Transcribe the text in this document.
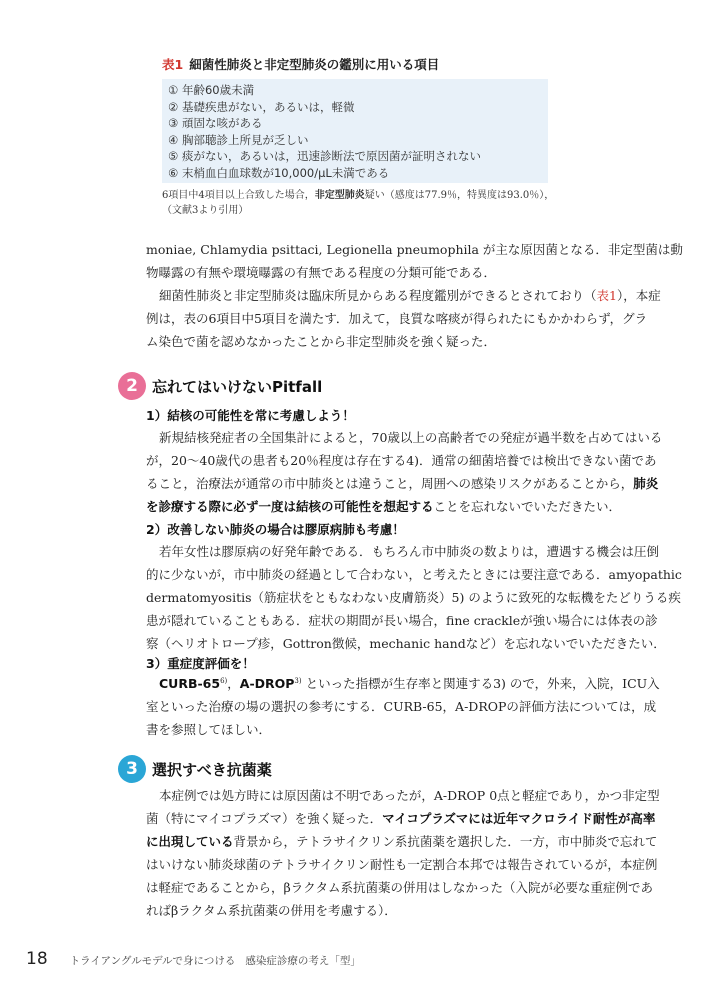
表1 細菌性肺炎と非定型肺炎の鑑別に用いる項目
① 年齢60歳未満
② 基礎疾患がない，あるいは，軽微
③ 頑固な咳がある
④ 胸部聴診上所見が乏しい
⑤ 痰がない，あるいは，迅速診断法で原因菌が証明されない
⑥ 末梢血白血球数が10,000/μL未満である
6項目中4項目以上合致した場合，非定型肺炎疑い（感度は77.9％，特異度は93.0％），
（文献3より引用）
moniae, Chlamydia psittaci, Legionella pneumophila が主な原因菌となる．非定型菌は動
物曝露の有無や環境曝露の有無である程度の分類可能である．
細菌性肺炎と非定型肺炎は臨床所見からある程度鑑別ができるとされており（表1），本症
例は，表の6項目中5項目を満たす．加えて，良質な喀痰が得られたにもかかわらず，グラ
ム染色で菌を認めなかったことから非定型肺炎を強く疑った．
2 忘れてはいけないPitfall
1）結核の可能性を常に考慮しよう！
新規結核発症者の全国集計によると，70歳以上の高齢者での発症が過半数を占めてはいる
が，20～40歳代の患者も20％程度は存在する4)．通常の細菌培養では検出できない菌であ
ること，治療法が通常の市中肺炎とは違うこと，周囲への感染リスクがあることから，肺炎
を診療する際に必ず一度は結核の可能性を想起することを忘れないでいただきたい．
2）改善しない肺炎の場合は膠原病肺も考慮！
若年女性は膠原病の好発年齢である．もちろん市中肺炎の数よりは，遭遇する機会は圧倒
的に少ないが，市中肺炎の経過として合わない，と考えたときには要注意である．amyopathic
dermatomyositis（筋症状をともなわない皮膚筋炎）5) のように致死的な転機をたどりうる疾
患が隠れていることもある．症状の期間が長い場合，fine crackleが強い場合には体表の診
察（ヘリオトロープ疹，Gottron徴候，mechanic handなど）を忘れないでいただきたい．
3）重症度評価を！
CURB-65$^{6)}$，A-DROP$^{3)}$ といった指標が生存率と関連する3) ので，外来，入院，ICU入
室といった治療の場の選択の参考にする．CURB-65，A-DROPの評価方法については，成
書を参照してほしい．
3 選択すべき抗菌薬
本症例では処方時には原因菌は不明であったが，A-DROP 0点と軽症であり，かつ非定型
菌（特にマイコプラズマ）を強く疑った．マイコプラズマには近年マクロライド耐性が高率
に出現している背景から，テトラサイクリン系抗菌薬を選択した．一方，市中肺炎で忘れて
はいけない肺炎球菌のテトラサイクリン耐性も一定割合本邦では報告されているが，本症例
は軽症であることから，βラクタム系抗菌薬の併用はしなかった（入院が必要な重症例であ
ればβラクタム系抗菌薬の併用を考慮する）．
18 トライアングルモデルで身につける 感染症診療の考え「型」
